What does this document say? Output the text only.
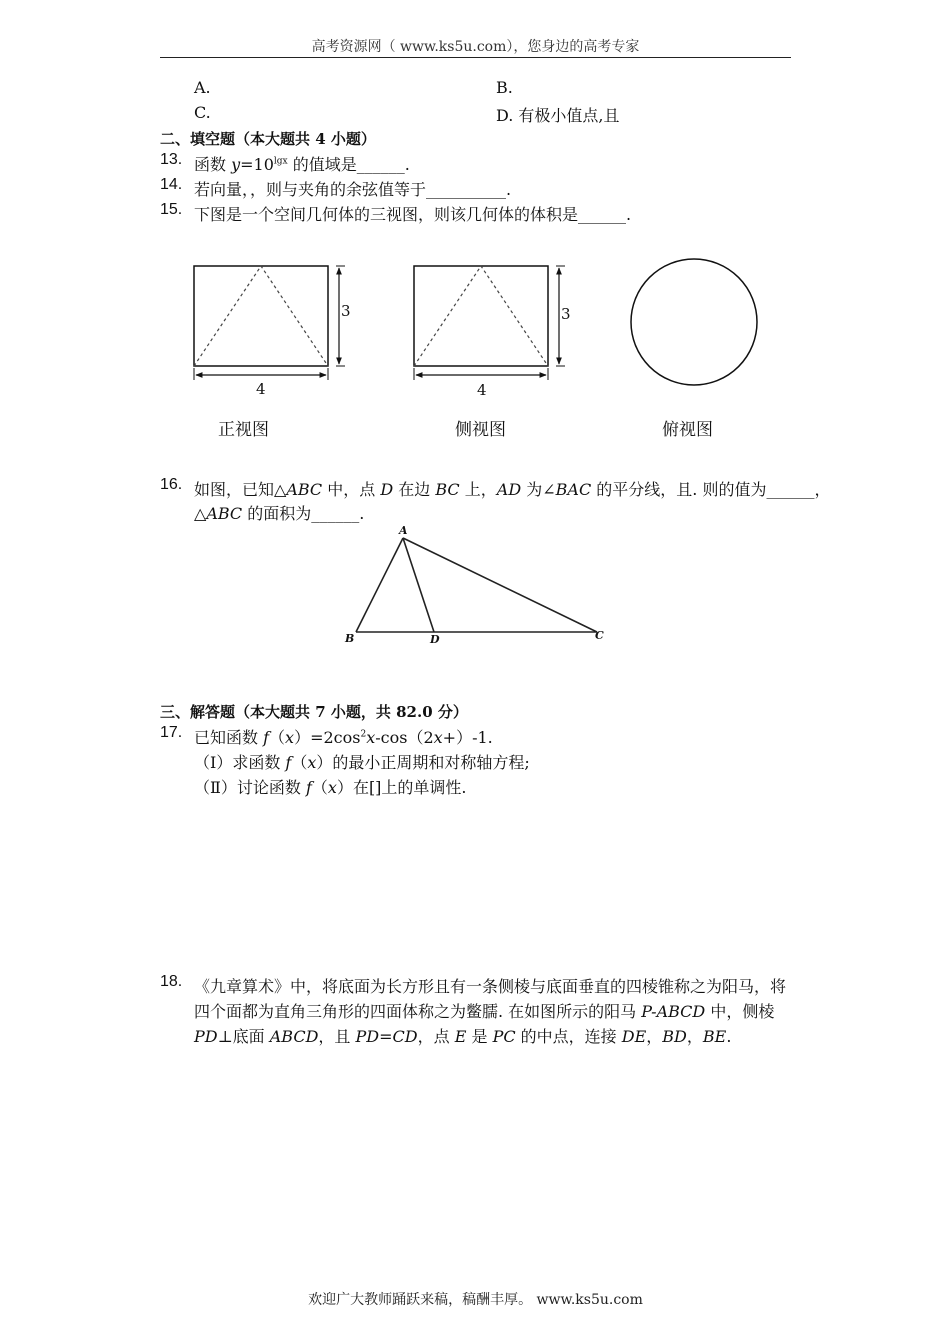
高考资源网（ www.ks5u.com），您身边的高考专家
A.	B.
C.	D. 有极小值点,且
二、填空题（本大题共 4 小题）
13. 函数 $y=10^{lgx}$ 的值域是______.
14. 若向量，，则与夹角的余弦值等于__________.
15. 下图是一个空间几何体的三视图，则该几何体的体积是______.
3
4
3
4
正视图	侧视图	俯视图
16. 如图，已知△ABC 中，点 D 在边 BC 上，AD 为∠BAC 的平分线，且. 则的值为______，
△ABC 的面积为______.
A
B	D	C
三、解答题（本大题共 7 小题，共 82.0 分）
17. 已知函数 $f(x)=2\cos^2x-\cos(2x+)-1$.
（Ⅰ）求函数 f（x）的最小正周期和对称轴方程;
（Ⅱ）讨论函数 f（x）在[]上的单调性.
18. 《九章算术》中，将底面为长方形且有一条侧棱与底面垂直的四棱锥称之为阳马，将
四个面都为直角三角形的四面体称之为鳖臑. 在如图所示的阳马 P-ABCD 中，侧棱
PD⊥底面 ABCD，且 PD=CD，点 E 是 PC 的中点，连接 DE，BD，BE.
欢迎广大教师踊跃来稿，稿酬丰厚。 www.ks5u.com
